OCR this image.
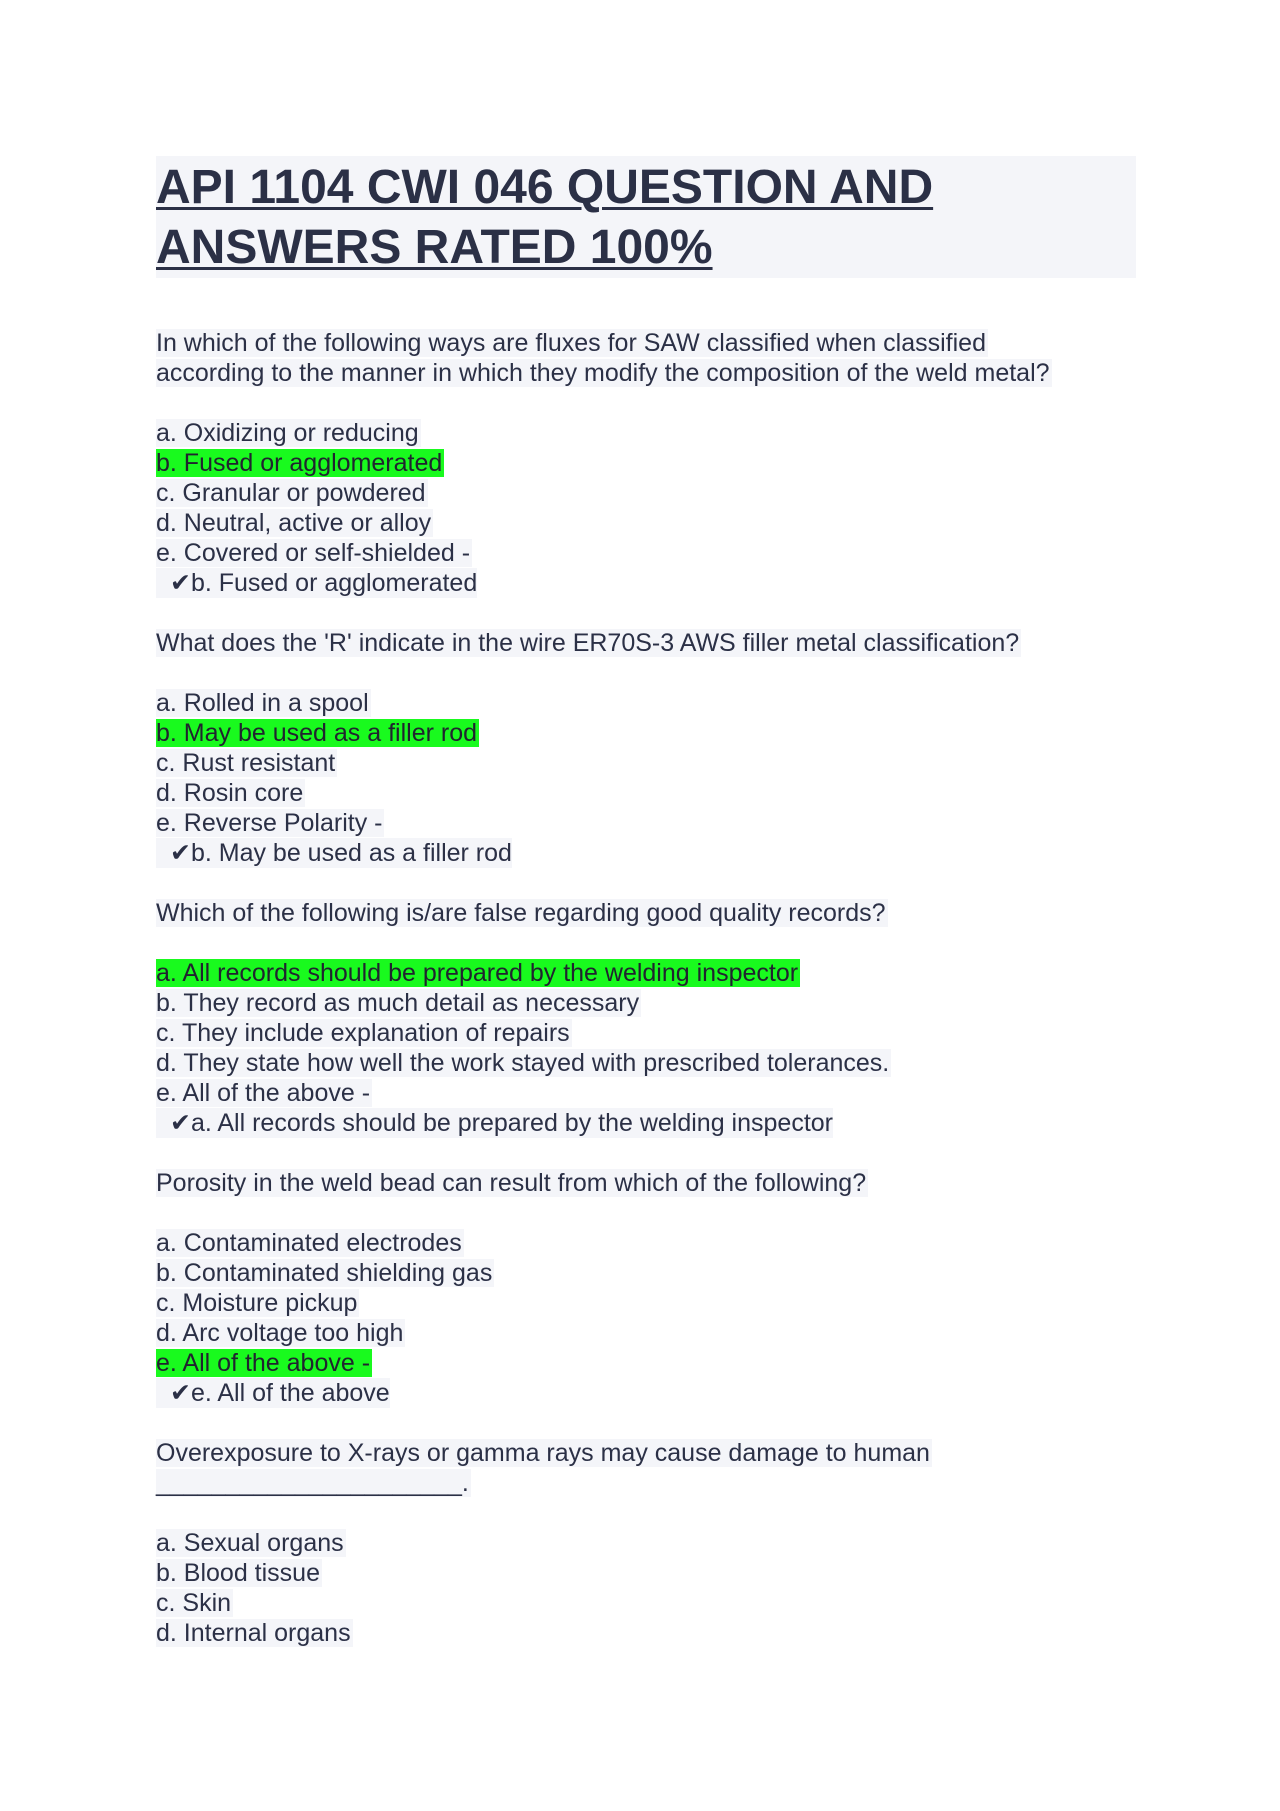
API 1104 CWI 046 QUESTION AND
ANSWERS RATED 100%
In which of the following ways are fluxes for SAW classified when classified
according to the manner in which they modify the composition of the weld metal?
a. Oxidizing or reducing
b. Fused or agglomerated
c. Granular or powdered
d. Neutral, active or alloy
e. Covered or self-shielded -
✔b. Fused or agglomerated
What does the 'R' indicate in the wire ER70S-3 AWS filler metal classification?
a. Rolled in a spool
b. May be used as a filler rod
c. Rust resistant
d. Rosin core
e. Reverse Polarity -
✔b. May be used as a filler rod
Which of the following is/are false regarding good quality records?
a. All records should be prepared by the welding inspector
b. They record as much detail as necessary
c. They include explanation of repairs
d. They state how well the work stayed with prescribed tolerances.
e. All of the above -
✔a. All records should be prepared by the welding inspector
Porosity in the weld bead can result from which of the following?
a. Contaminated electrodes
b. Contaminated shielding gas
c. Moisture pickup
d. Arc voltage too high
e. All of the above -
✔e. All of the above
Overexposure to X-rays or gamma rays may cause damage to human
______________________.
a. Sexual organs
b. Blood tissue
c. Skin
d. Internal organs
